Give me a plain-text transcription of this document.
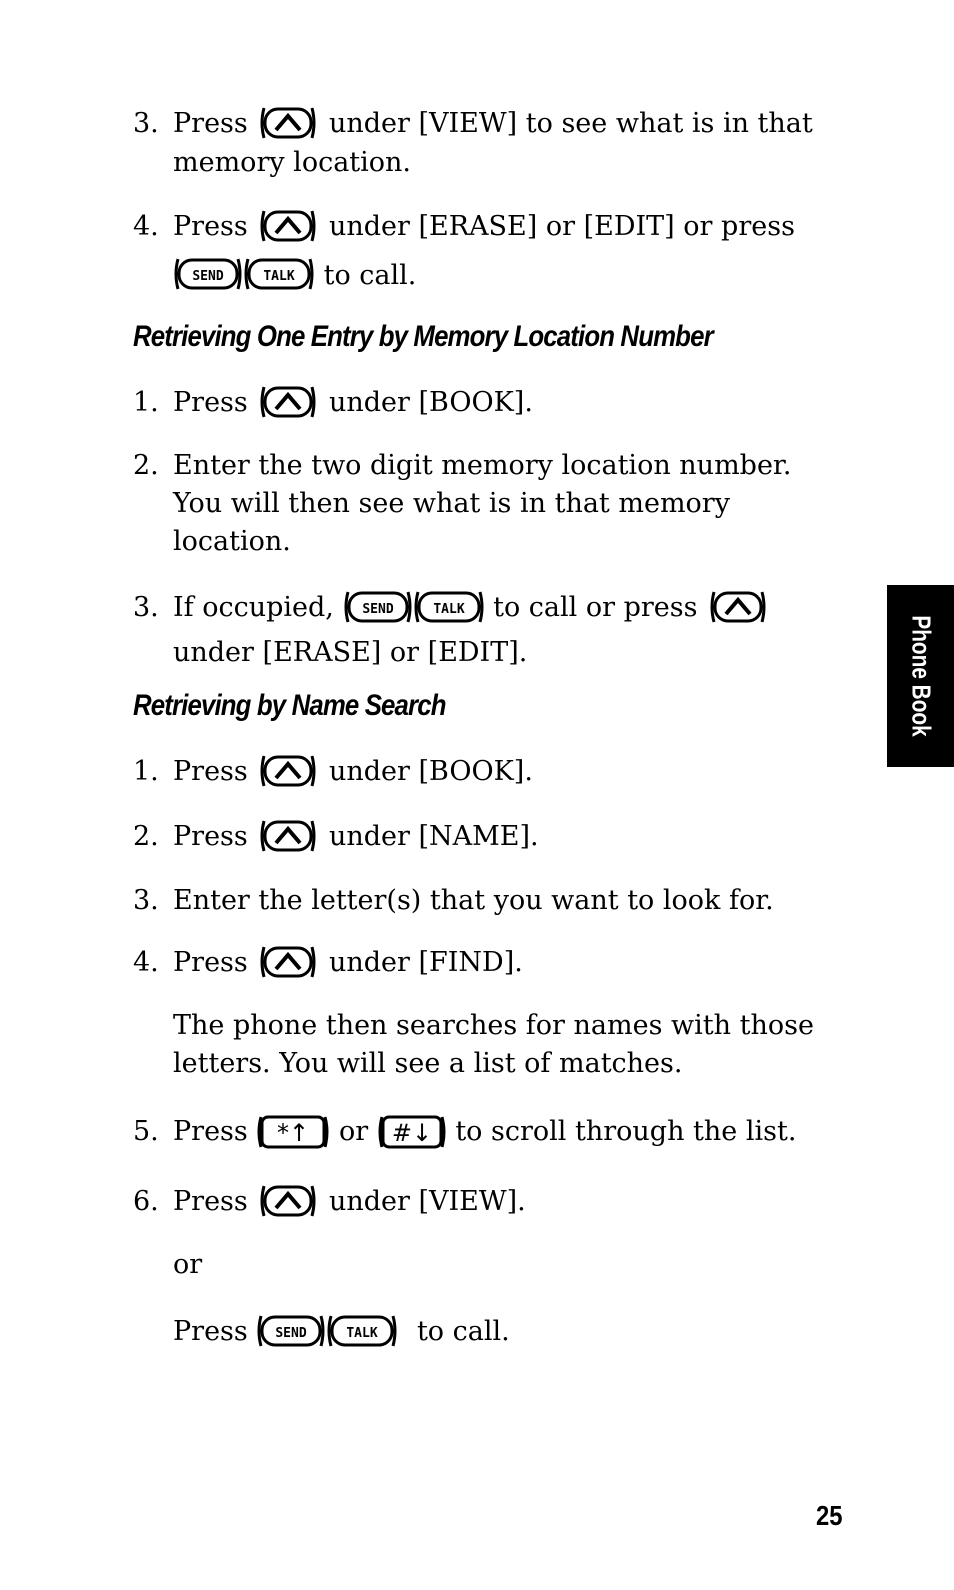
3. Press	under [VIEW] to see what is in that memory location.
4. Press	under [ERASE] or [EDIT] or press

SEND	TALK to call.
Retrieving One Entry by Memory Location Number
1. Press	under [BOOK].
2. Enter the two digit memory location number. You will then see what is in that memory location.
3. If occupied, SEND	TALK to call or press

under [ERASE] or [EDIT].
Retrieving by Name Search
1. Press	under [BOOK].
2. Press	under [NAME].
3. Enter the letter(s) that you want to look for.
4. Press	under [FIND].
The phone then searches for names with those letters. You will see a list of matches.
5. Press *↑ or #↓ to scroll through the list.
6. Press	under [VIEW].
or
Press SEND	TALK to call.
Phone Book
25
